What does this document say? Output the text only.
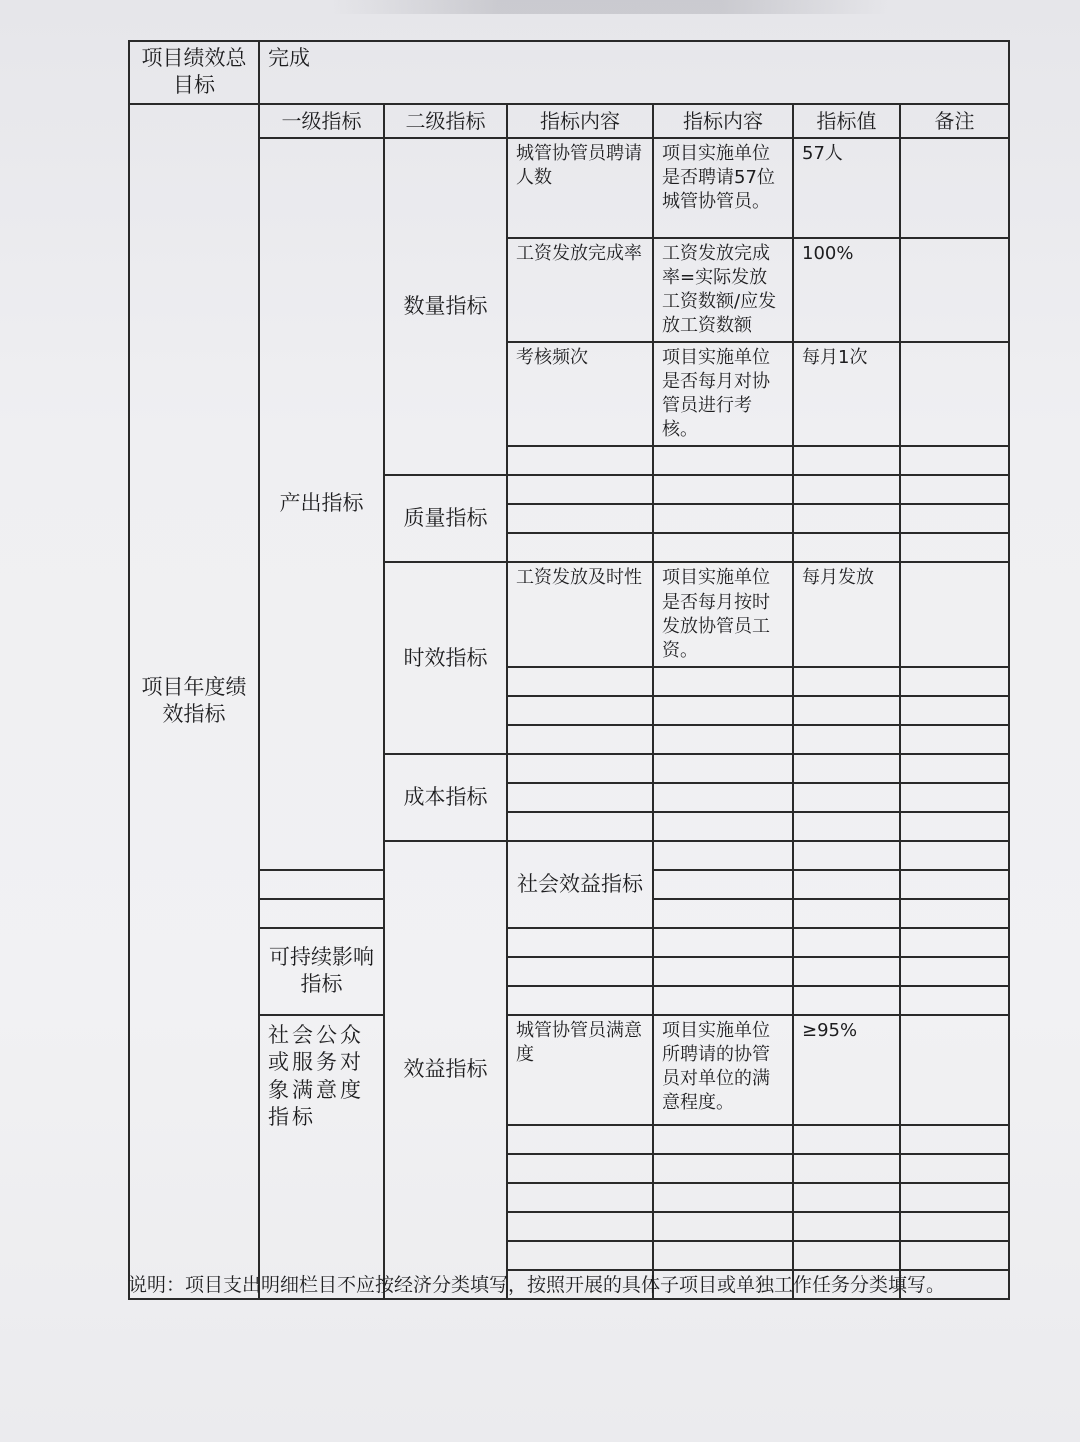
项目绩效总目标	完成						
项目年度绩效指标	一级指标	二级指标	指标内容	指标内容	指标值	备注	
	产出指标	数量指标	城管协管员聘请人数	项目实施单位是否聘请57位城管协管员。	57人		
			工资发放完成率	工资发放完成率=实际发放工资数额/应发放工资数额	100%		
			考核频次	项目实施单位是否每月对协管员进行考核。	每月1次		

		质量指标					

		时效指标	工资发放及时性	项目实施单位是否每月按时发放协管员工资。	每月发放		

		成本指标					

		效益指标	社会效益指标				

	可持续影响指标						

	社会公众或服务对象满意度指标		城管协管员满意度	项目实施单位所聘请的协管员对单位的满意程度。	≥95%		

说明：项目支出明细栏目不应按经济分类填写，按照开展的具体子项目或单独工作任务分类填写。
